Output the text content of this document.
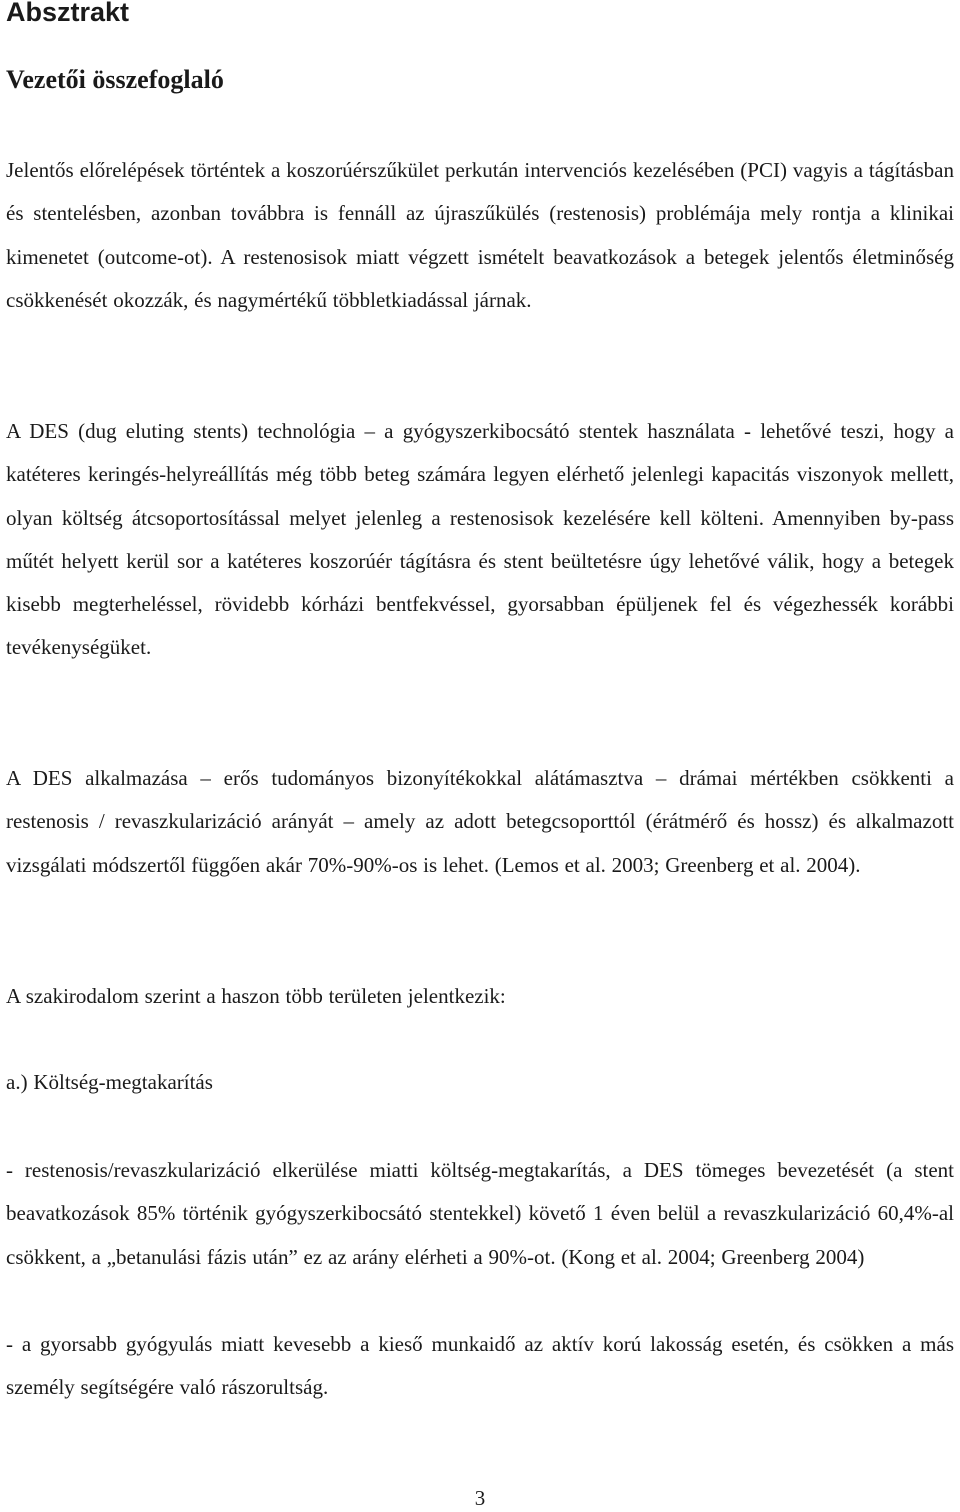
Absztrakt
Vezetői összefoglaló

Jelentős előrelépések történtek a koszorúérszűkület perkután intervenciós kezelésében (PCI) vagyis a tágításban és stentelésben, azonban továbbra is fennáll az újraszűkülés (restenosis) problémája mely rontja a klinikai kimenetet (outcome-ot). A restenosisok miatt végzett ismételt beavatkozások a betegek jelentős életminőség csökkenését okozzák, és nagymértékű többletkiadással járnak.

A DES (dug eluting stents) technológia – a gyógyszerkibocsátó stentek használata - lehetővé teszi, hogy a katéteres keringés-helyreállítás még több beteg számára legyen elérhető jelenlegi kapacitás viszonyok mellett, olyan költség átcsoportosítással melyet jelenleg a restenosisok kezelésére kell költeni. Amennyiben by-pass műtét helyett kerül sor a katéteres koszorúér tágításra és stent beültetésre úgy lehetővé válik, hogy a betegek kisebb megterheléssel, rövidebb kórházi bentfekvéssel, gyorsabban épüljenek fel és végezhessék korábbi tevékenységüket.

A DES alkalmazása – erős tudományos bizonyítékokkal alátámasztva – drámai mértékben csökkenti a restenosis / revaszkularizáció arányát – amely az adott betegcsoporttól (érátmérő és hossz) és alkalmazott vizsgálati módszertől függően akár 70%-90%-os is lehet. (Lemos et al. 2003; Greenberg et al. 2004).

A szakirodalom szerint a haszon több területen jelentkezik:

a.) Költség-megtakarítás

- restenosis/revaszkularizáció elkerülése miatti költség-megtakarítás, a DES tömeges bevezetését (a stent beavatkozások 85% történik gyógyszerkibocsátó stentekkel) követő 1 éven belül a revaszkularizáció 60,4%-al csökkent, a „betanulási fázis után” ez az arány elérheti a 90%-ot. (Kong et al. 2004; Greenberg 2004)

- a gyorsabb gyógyulás miatt kevesebb a kieső munkaidő az aktív korú lakosság esetén, és csökken a más személy segítségére való rászorultság.

3
